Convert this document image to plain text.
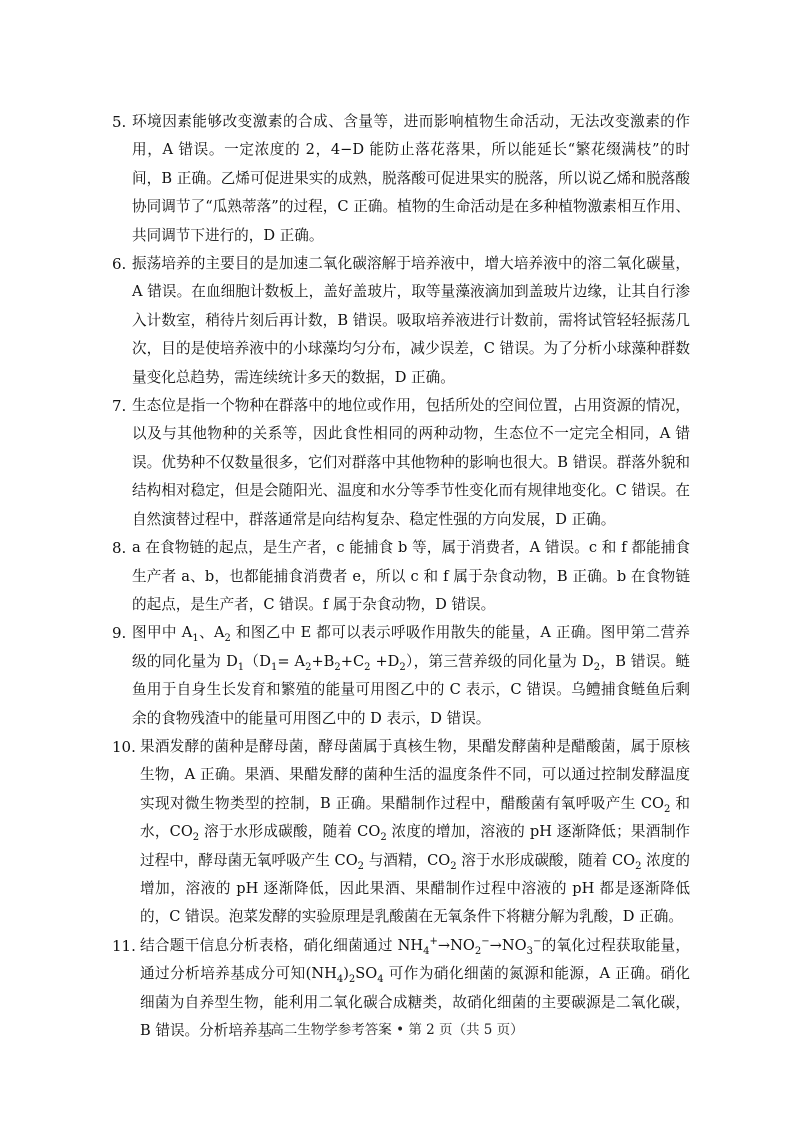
5. 环境因素能够改变激素的合成、含量等，进而影响植物生命活动，无法改变激素的作用，A 错误。一定浓度的 2，4−D 能防止落花落果，所以能延长“繁花缀满枝”的时间，B 正确。乙烯可促进果实的成熟，脱落酸可促进果实的脱落，所以说乙烯和脱落酸协同调节了“瓜熟蒂落”的过程，C 正确。植物的生命活动是在多种植物激素相互作用、共同调节下进行的，D 正确。

6. 振荡培养的主要目的是加速二氧化碳溶解于培养液中，增大培养液中的溶二氧化碳量，A 错误。在血细胞计数板上，盖好盖玻片，取等量藻液滴加到盖玻片边缘，让其自行渗入计数室，稍待片刻后再计数，B 错误。吸取培养液进行计数前，需将试管轻轻振荡几次，目的是使培养液中的小球藻均匀分布，减少误差，C 错误。为了分析小球藻种群数量变化总趋势，需连续统计多天的数据，D 正确。

7. 生态位是指一个物种在群落中的地位或作用，包括所处的空间位置，占用资源的情况，以及与其他物种的关系等，因此食性相同的两种动物，生态位不一定完全相同，A 错误。优势种不仅数量很多，它们对群落中其他物种的影响也很大。B 错误。群落外貌和结构相对稳定，但是会随阳光、温度和水分等季节性变化而有规律地变化。C 错误。在自然演替过程中，群落通常是向结构复杂、稳定性强的方向发展，D 正确。

8. a 在食物链的起点，是生产者，c 能捕食 b 等，属于消费者，A 错误。c 和 f 都能捕食生产者 a、b，也都能捕食消费者 e，所以 c 和 f 属于杂食动物，B 正确。b 在食物链的起点，是生产者，C 错误。f 属于杂食动物，D 错误。

9. 图甲中 $A_1$、$A_2$ 和图乙中 E 都可以表示呼吸作用散失的能量，A 正确。图甲第二营养级的同化量为 $D_1(D_1= A_2+B_2+C_2 +D_2)$，第三营养级的同化量为 $D_2$，B 错误。鲢鱼用于自身生长发育和繁殖的能量可用图乙中的 C 表示，C 错误。乌鳢捕食鲢鱼后剩余的食物残渣中的能量可用图乙中的 D 表示，D 错误。

10. 果酒发酵的菌种是酵母菌，酵母菌属于真核生物，果醋发酵菌种是醋酸菌，属于原核生物，A 正确。果酒、果醋发酵的菌种生活的温度条件不同，可以通过控制发酵温度实现对微生物类型的控制，B 正确。果醋制作过程中，醋酸菌有氧呼吸产生 $CO_2$ 和水，$CO_2$ 溶于水形成碳酸，随着 $CO_2$ 浓度的增加，溶液的 pH 逐渐降低；果酒制作过程中，酵母菌无氧呼吸产生 $CO_2$ 与酒精，$CO_2$ 溶于水形成碳酸，随着 $CO_2$ 浓度的增加，溶液的 pH 逐渐降低，因此果酒、果醋制作过程中溶液的 pH 都是逐渐降低的，C 错误。泡菜发酵的实验原理是乳酸菌在无氧条件下将糖分解为乳酸，D 正确。

11. 结合题干信息分析表格，硝化细菌通过 $NH_4^+\to NO_2^-\to NO_3^-$的氧化过程获取能量，通过分析培养基成分可知$(NH_4)_2SO_4$ 可作为硝化细菌的氮源和能源，A 正确。硝化细菌为自养型生物，能利用二氧化碳合成糖类，故硝化细菌的主要碳源是二氧化碳，B 错误。分析培养基

高二生物学参考答案 • 第 2 页（共 5 页）
